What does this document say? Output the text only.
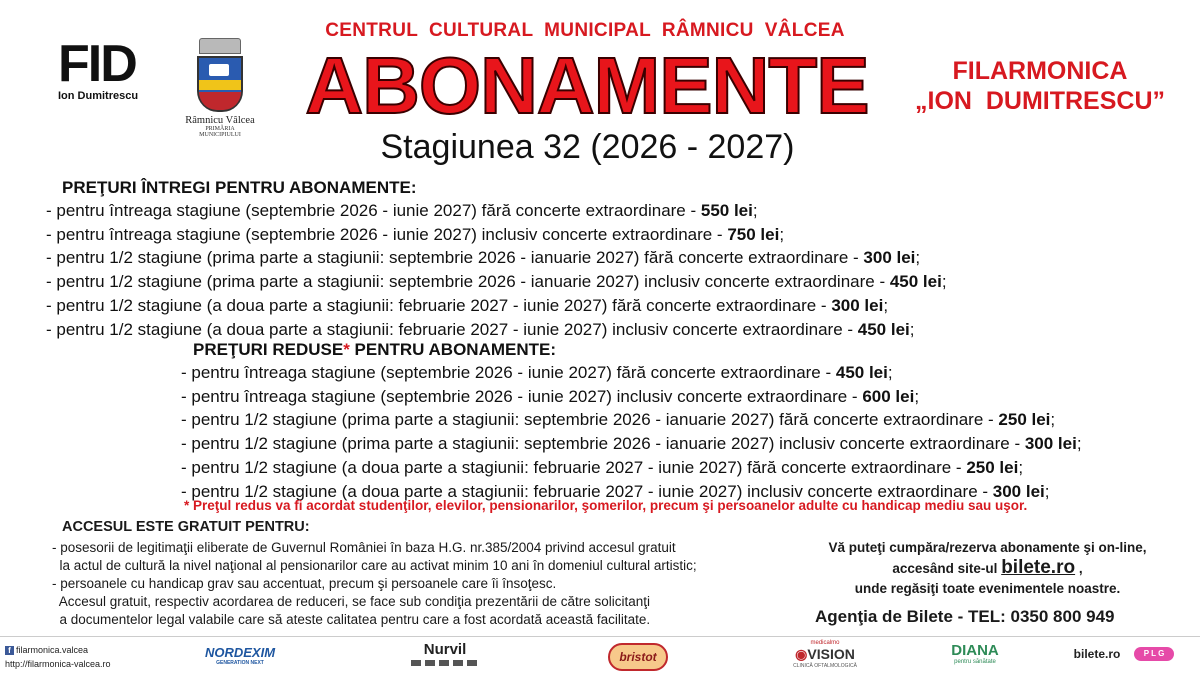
FID
Ion Dumitrescu
Râmnicu Vâlcea
PRIMĂRIA MUNICIPIULUI
CENTRUL  CULTURAL  MUNICIPAL  RÂMNICU  VÂLCEA
ABONAMENTE
Stagiunea 32 (2026 - 2027)
FILARMONICA
„ION  DUMITRESCU”
PREŢURI ÎNTREGI PENTRU ABONAMENTE:
- pentru întreaga stagiune (septembrie 2026 - iunie 2027) fără concerte extraordinare - 550 lei;
- pentru întreaga stagiune (septembrie 2026 - iunie 2027) inclusiv concerte extraordinare - 750 lei;
- pentru 1/2 stagiune (prima parte a stagiunii: septembrie 2026 - ianuarie 2027) fără concerte extraordinare - 300 lei;
- pentru 1/2 stagiune (prima parte a stagiunii: septembrie 2026 - ianuarie 2027) inclusiv concerte extraordinare - 450 lei;
- pentru 1/2 stagiune (a doua parte a stagiunii: februarie 2027 - iunie 2027) fără concerte extraordinare - 300 lei;
- pentru 1/2 stagiune (a doua parte a stagiunii: februarie 2027 - iunie 2027) inclusiv concerte extraordinare - 450 lei;
PREŢURI REDUSE* PENTRU ABONAMENTE:
- pentru întreaga stagiune (septembrie 2026 - iunie 2027) fără concerte extraordinare - 450 lei;
- pentru întreaga stagiune (septembrie 2026 - iunie 2027) inclusiv concerte extraordinare - 600 lei;
- pentru 1/2 stagiune (prima parte a stagiunii: septembrie 2026 - ianuarie 2027) fără concerte extraordinare - 250 lei;
- pentru 1/2 stagiune (prima parte a stagiunii: septembrie 2026 - ianuarie 2027) inclusiv concerte extraordinare - 300 lei;
- pentru 1/2 stagiune (a doua parte a stagiunii: februarie 2027 - iunie 2027) fără concerte extraordinare - 250 lei;
- pentru 1/2 stagiune (a doua parte a stagiunii: februarie 2027 - iunie 2027) inclusiv concerte extraordinare - 300 lei;
* Preţul redus va fi acordat studenţilor, elevilor, pensionarilor, şomerilor, precum şi persoanelor adulte cu handicap mediu sau uşor.
ACCESUL ESTE GRATUIT PENTRU:
- posesorii de legitimaţii eliberate de Guvernul României în baza H.G. nr.385/2004 privind accesul gratuit
la actul de cultură la nivel naţional al pensionarilor care au activat minim 10 ani în domeniul cultural artistic;
- persoanele cu handicap grav sau accentuat, precum şi persoanele care îi însoţesc.
Accesul gratuit, respectiv acordarea de reduceri, se face sub condiţia prezentării de către solicitanţi
a documentelor legal valabile care să ateste calitatea pentru care a fost acordată această facilitate.
Vă puteţi cumpăra/rezerva abonamente şi on-line,
accesând site-ul bilete.ro ,
unde regăsiţi toate evenimentele noastre.
Agenţia de Bilete - TEL: 0350 800 949
f filarmonica.valcea
http://filarmonica-valcea.ro
NORDEXIM
GENERATION NEXT
Nurvil	bristot
medicalmo
◉VISION
CLINICĂ OFTALMOLOGICĂ
DIANA
pentru sănătate
bilete.ro	P L G
